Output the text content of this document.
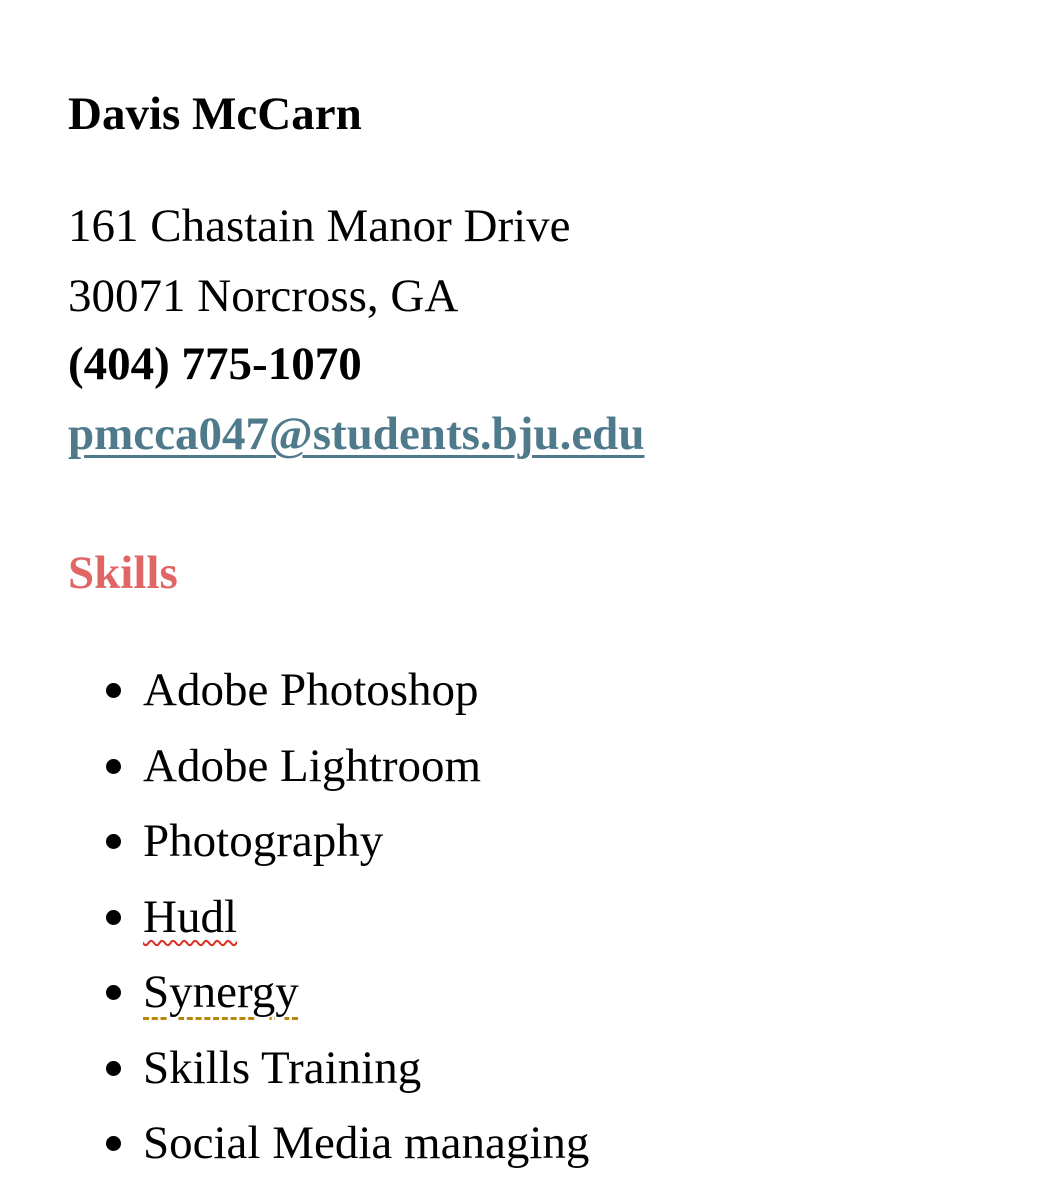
Davis McCarn
161 Chastain Manor Drive
30071 Norcross, GA
(404) 775-1070
pmcca047@students.bju.edu
Skills
Adobe Photoshop
Adobe Lightroom
Photography
Hudl
Synergy
Skills Training
Social Media managing
